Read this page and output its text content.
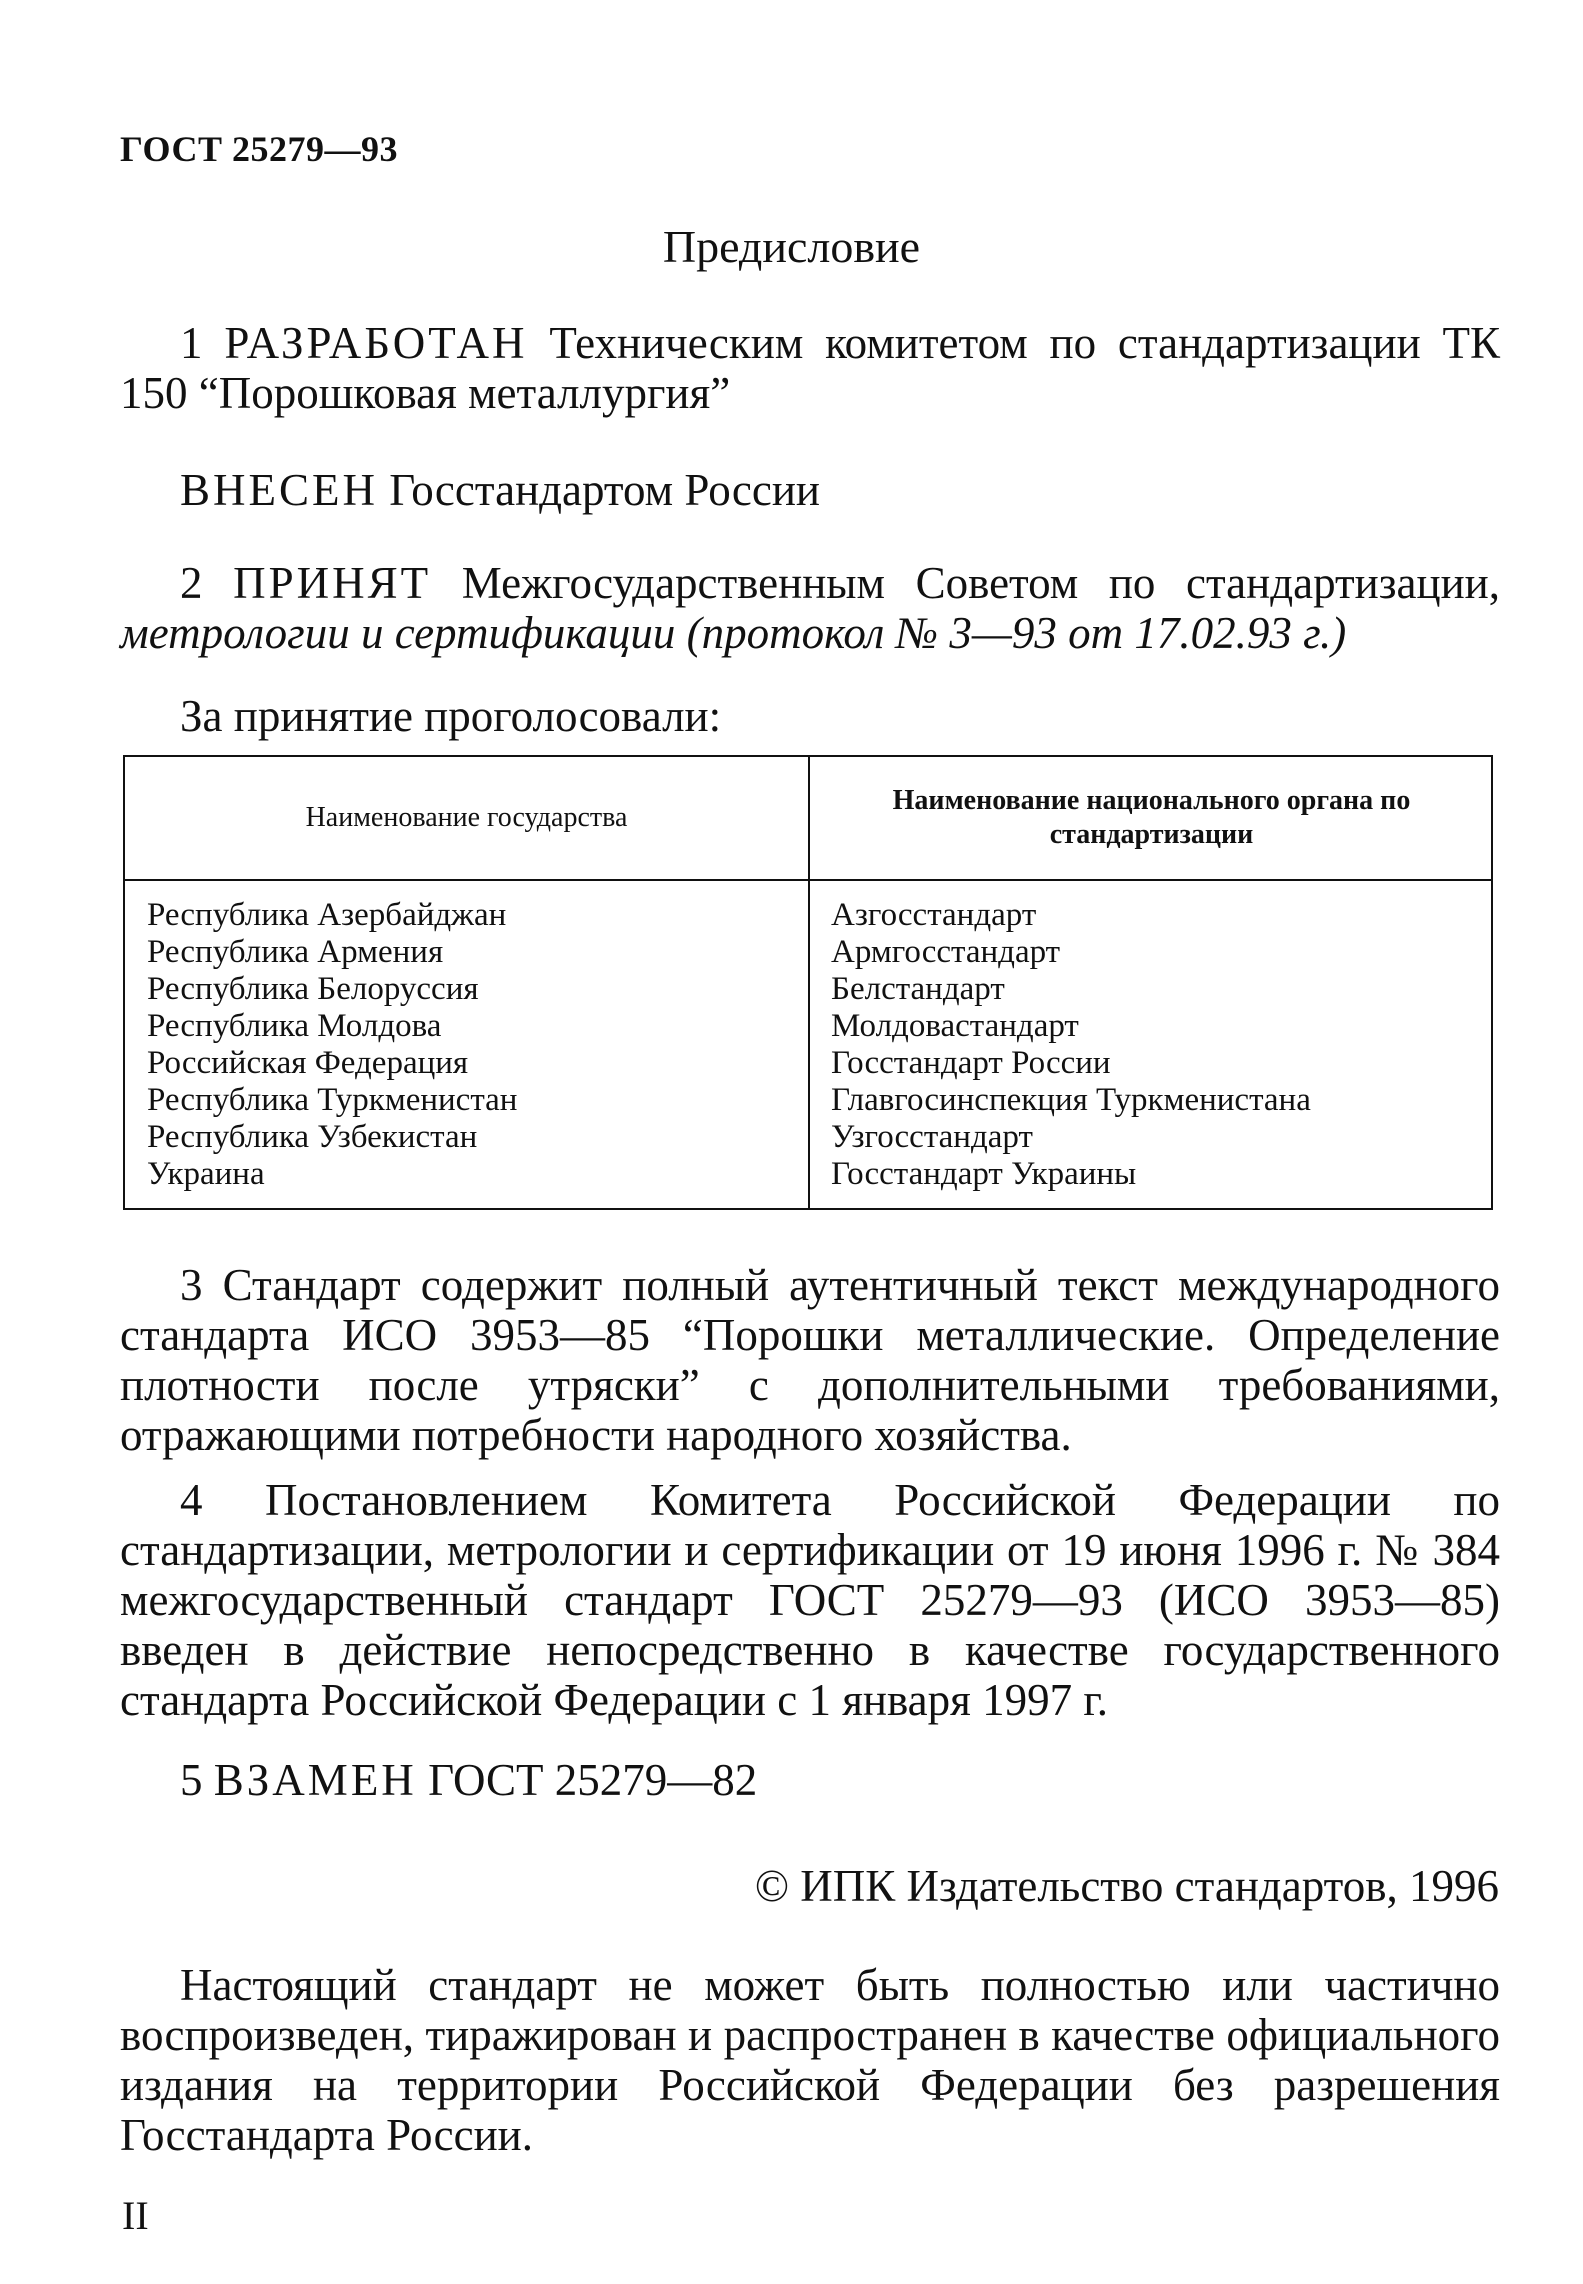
ГОСТ 25279—93
Предисловие

1 РАЗРАБОТАН Техническим комитетом по стандартизации ТК 150 “Порошковая металлургия”

ВНЕСЕН Госстандартом России

2 ПРИНЯТ Межгосударственным Советом по стандартизации, метрологии и сертификации (протокол № 3—93 от 17.02.93 г.)

За принятие проголосовали:
Наименование государства
Наименование национального органа по стандартизации
Республика Азербайджан
Республика Армения
Республика Белоруссия
Республика Молдова
Российская Федерация
Республика Туркменистан
Республика Узбекистан
Украина
Азгосстандарт
Армгосстандарт
Белстандарт
Молдовастандарт
Госстандарт России
Главгосинспекция Туркменистана
Узгосстандарт
Госстандарт Украины

3 Стандарт содержит полный аутентичный текст международного стандарта ИСО 3953—85 “Порошки металлические. Определение плотности после утряски” с дополнительными требованиями, отражающими потребности народного хозяйства.

4 Постановлением Комитета Российской Федерации по стандартизации, метрологии и сертификации от 19 июня 1996 г. № 384 межгосударственный стандарт ГОСТ 25279—93 (ИСО 3953—85) введен в действие непосредственно в качестве государственного стандарта Российской Федерации с 1 января 1997 г.

5 ВЗАМЕН ГОСТ 25279—82

© ИПК Издательство стандартов, 1996

Настоящий стандарт не может быть полностью или частично воспроизведен, тиражирован и распространен в качестве официального издания на территории Российской Федерации без разрешения Госстандарта России.

II
